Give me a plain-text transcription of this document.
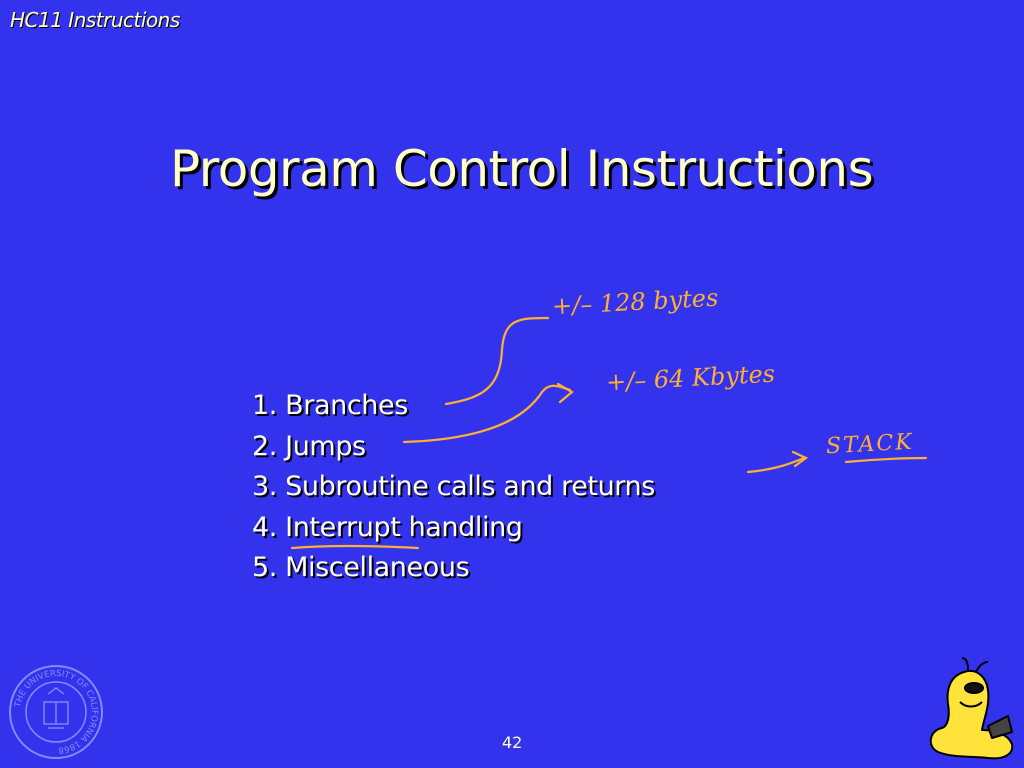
HC11 Instructions
Program Control Instructions
1. Branches
2. Jumps
3. Subroutine calls and returns
4. Interrupt handling
5. Miscellaneous
+/– 128 bytes
+/– 64 Kbytes
STACK
THE UNIVERSITY OF CALIFORNIA 1868	42
